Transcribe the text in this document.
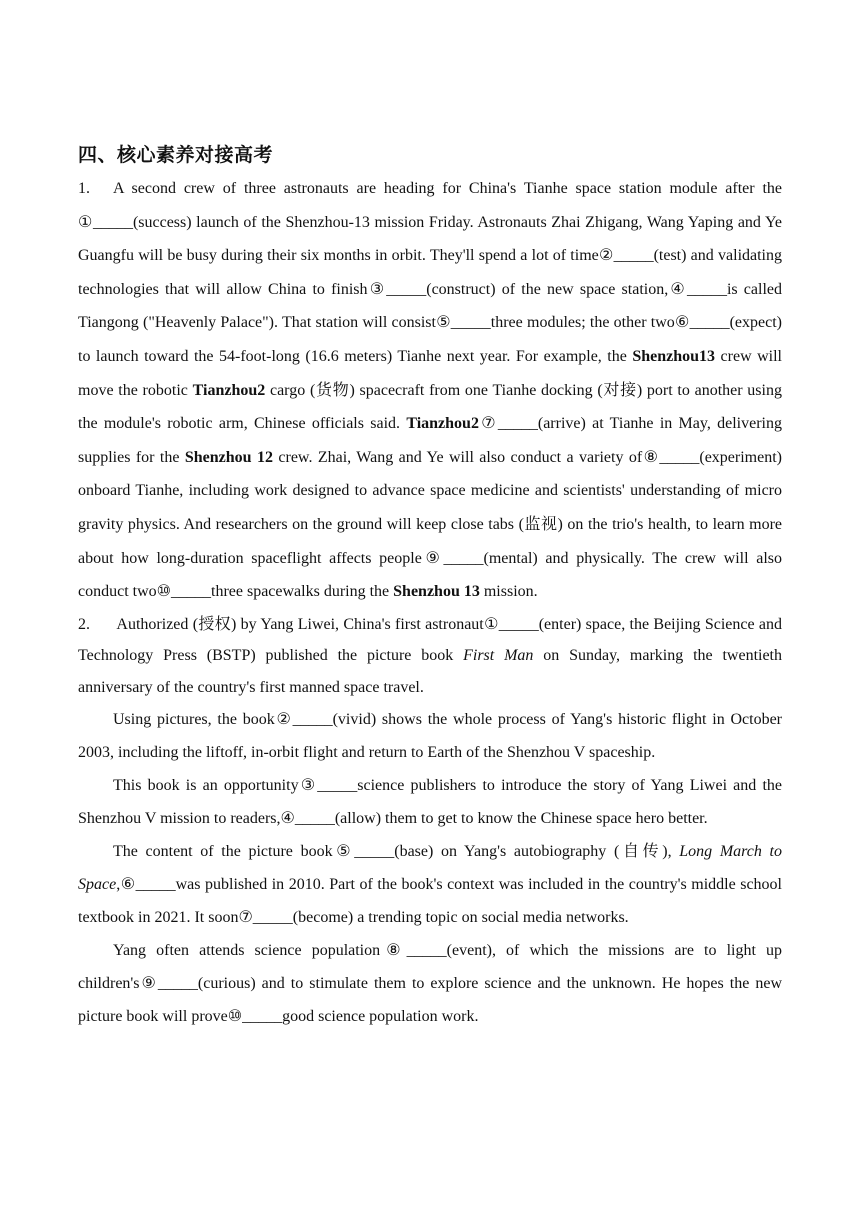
四、核心素养对接高考

1. A second crew of three astronauts are heading for China's Tianhe space station module after the ①_____(success) launch of the Shenzhou-13 mission Friday. Astronauts Zhai Zhigang, Wang Yaping and Ye Guangfu will be busy during their six months in orbit. They'll spend a lot of time②_____(test) and validating technologies that will allow China to finish③_____(construct) of the new space station,④_____is called Tiangong ("Heavenly Palace"). That station will consist⑤_____three modules; the other two⑥_____(expect) to launch toward the 54-foot-long (16.6 meters) Tianhe next year. For example, the Shenzhou13 crew will move the robotic Tianzhou2 cargo (货物) spacecraft from one Tianhe docking (对接) port to another using the module's robotic arm, Chinese officials said. Tianzhou2⑦_____(arrive) at Tianhe in May, delivering supplies for the Shenzhou 12 crew. Zhai, Wang and Ye will also conduct a variety of⑧_____(experiment) onboard Tianhe, including work designed to advance space medicine and scientists' understanding of micro gravity physics. And researchers on the ground will keep close tabs (监视) on the trio's health, to learn more about how long-duration spaceflight affects people⑨_____(mental) and physically. The crew will also conduct two⑩_____three spacewalks during the Shenzhou 13 mission.

2. Authorized (授权) by Yang Liwei, China's first astronaut①_____(enter) space, the Beijing Science and Technology Press (BSTP) published the picture book First Man on Sunday, marking the twentieth anniversary of the country's first manned space travel.

Using pictures, the book②_____(vivid) shows the whole process of Yang's historic flight in October 2003, including the liftoff, in-orbit flight and return to Earth of the Shenzhou V spaceship.

This book is an opportunity③_____science publishers to introduce the story of Yang Liwei and the Shenzhou V mission to readers,④_____(allow) them to get to know the Chinese space hero better.

The content of the picture book⑤_____(base) on Yang's autobiography (自传), Long March to Space,⑥_____was published in 2010. Part of the book's context was included in the country's middle school textbook in 2021. It soon⑦_____(become) a trending topic on social media networks.

Yang often attends science population⑧_____(event), of which the missions are to light up children's⑨_____(curious) and to stimulate them to explore science and the unknown. He hopes the new picture book will prove⑩_____good science population work.
